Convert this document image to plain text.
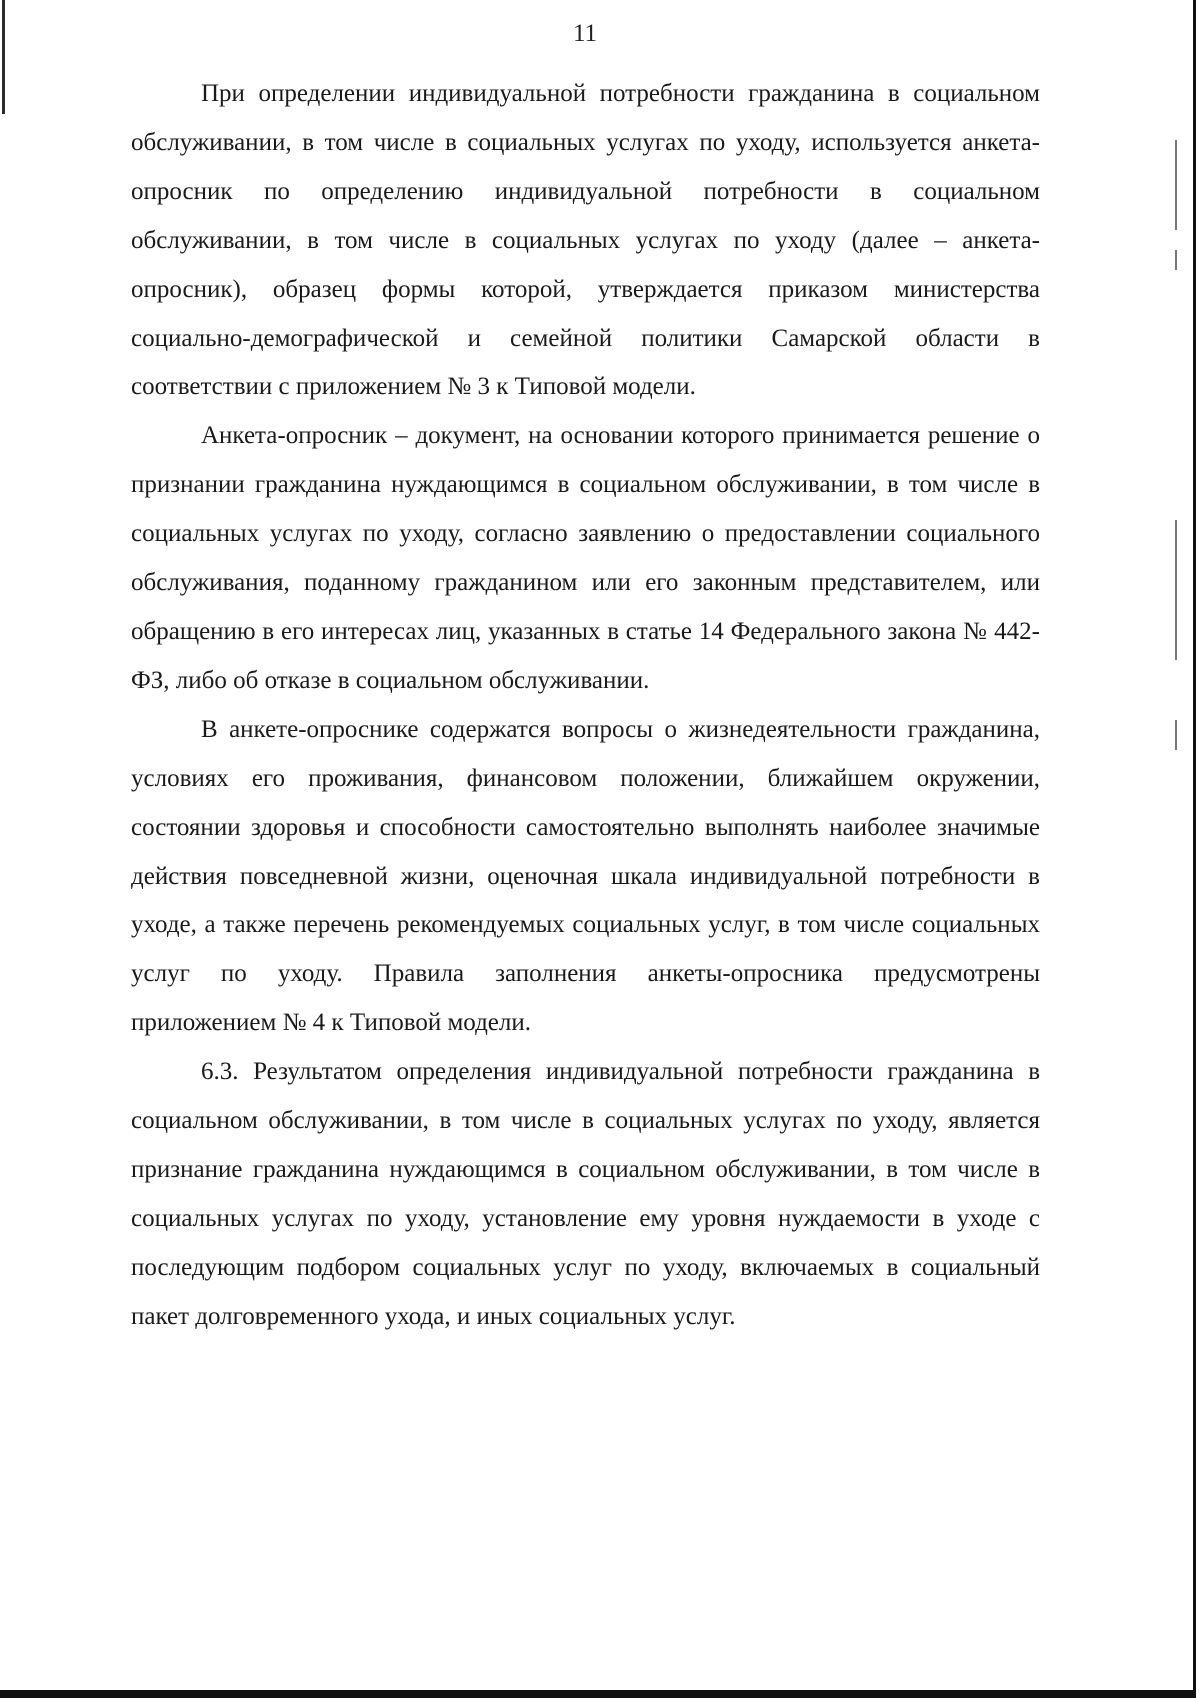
11

При определении индивидуальной потребности гражданина в социальном обслуживании, в том числе в социальных услугах по уходу, используется анкета-опросник по определению индивидуальной потребности в социальном обслуживании, в том числе в социальных услугах по уходу (далее – анкета-опросник), образец формы которой, утверждается приказом министерства социально-демографической и семейной политики Самарской области в соответствии с приложением № 3 к Типовой модели.

Анкета-опросник – документ, на основании которого принимается решение о признании гражданина нуждающимся в социальном обслуживании, в том числе в социальных услугах по уходу, согласно заявлению о предоставлении социального обслуживания, поданному гражданином или его законным представителем, или обращению в его интересах лиц, указанных в статье 14 Федерального закона № 442-ФЗ, либо об отказе в социальном обслуживании.

В анкете-опроснике содержатся вопросы о жизнедеятельности гражданина, условиях его проживания, финансовом положении, ближайшем окружении, состоянии здоровья и способности самостоятельно выполнять наиболее значимые действия повседневной жизни, оценочная шкала индивидуальной потребности в уходе, а также перечень рекомендуемых социальных услуг, в том числе социальных услуг по уходу. Правила заполнения анкеты-опросника предусмотрены приложением № 4 к Типовой модели.

6.3. Результатом определения индивидуальной потребности гражданина в социальном обслуживании, в том числе в социальных услугах по уходу, является признание гражданина нуждающимся в социальном обслуживании, в том числе в социальных услугах по уходу, установление ему уровня нуждаемости в уходе с последующим подбором социальных услуг по уходу, включаемых в социальный пакет долговременного ухода, и иных социальных услуг.
